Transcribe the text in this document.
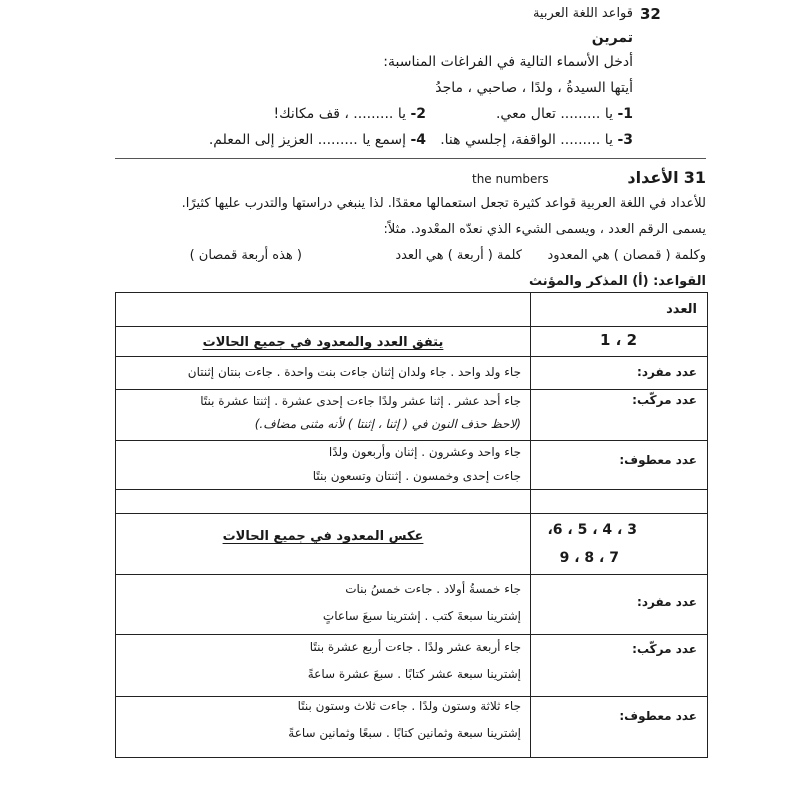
32
قواعد اللغة العربية
تمرين
أدخل الأسماء التالية في الفراغات المناسبة:
أيتها السيدةُ ، ولدًا ، صاحبي ، ماجدُ
1- يا ......... تعال معي.
2- يا ......... ، قف مكانك!
3- يا ......... الواقفة، إجلسي هنا.
4- إسمع يا ......... العزيز إلى المعلم.
31 الأعداد
the numbers
للأعداد في اللغة العربية قواعد كثيرة تجعل استعمالها معقدًا. لذا ينبغي دراستها والتدرب عليها كثيرًا.
يسمى الرقم العدد ، ويسمى الشيء الذي نعدّه المعْدود. مثلاً:
وكلمة ( قمصان ) هي المعدود
كلمة ( أربعة ) هي العدد
( هذه أربعة قمصان )
القواعد: (أ) المذكر والمؤنث
العدد
1 ، 2
يتفق العدد والمعدود في جميع الحالات
عدد مفرد:
جاء ولد واحد . جاء ولدان إثنان جاءت بنت واحدة . جاءت بنتان إثنتان
عدد مركّب:
جاء أحد عشر . إثنا عشر ولدًا جاءت إحدى عشرة . إثنتا عشرة بنتًا
(لاحظ حذف النون في ( إثنا ، إثنتا ) لأنه مثنى مضاف.)
عدد معطوف:
جاء واحد وعشرون . إثنان وأربعون ولدًا
جاءت إحدى وخمسون . إثنتان وتسعون بنتًا
3 ، 4 ، 5 ، 6،
7 ، 8 ، 9
عكس المعدود في جميع الحالات
عدد مفرد:
جاء خمسةُ أولاد . جاءت خمسُ بنات
إشترينا سبعةَ كتب . إشترينا سبعَ ساعاتٍ
عدد مركّب:
جاء أربعة عشر ولدًا . جاءت أربع عشرة بنتًا
إشترينا سبعة عشر كتابًا . سبعَ عشرة ساعةً
عدد معطوف:
جاء ثلاثة وستون ولدًا . جاءت ثلاث وستون بنتًا
إشترينا سبعة وثمانين كتابًا . سبعًا وثمانين ساعةً
